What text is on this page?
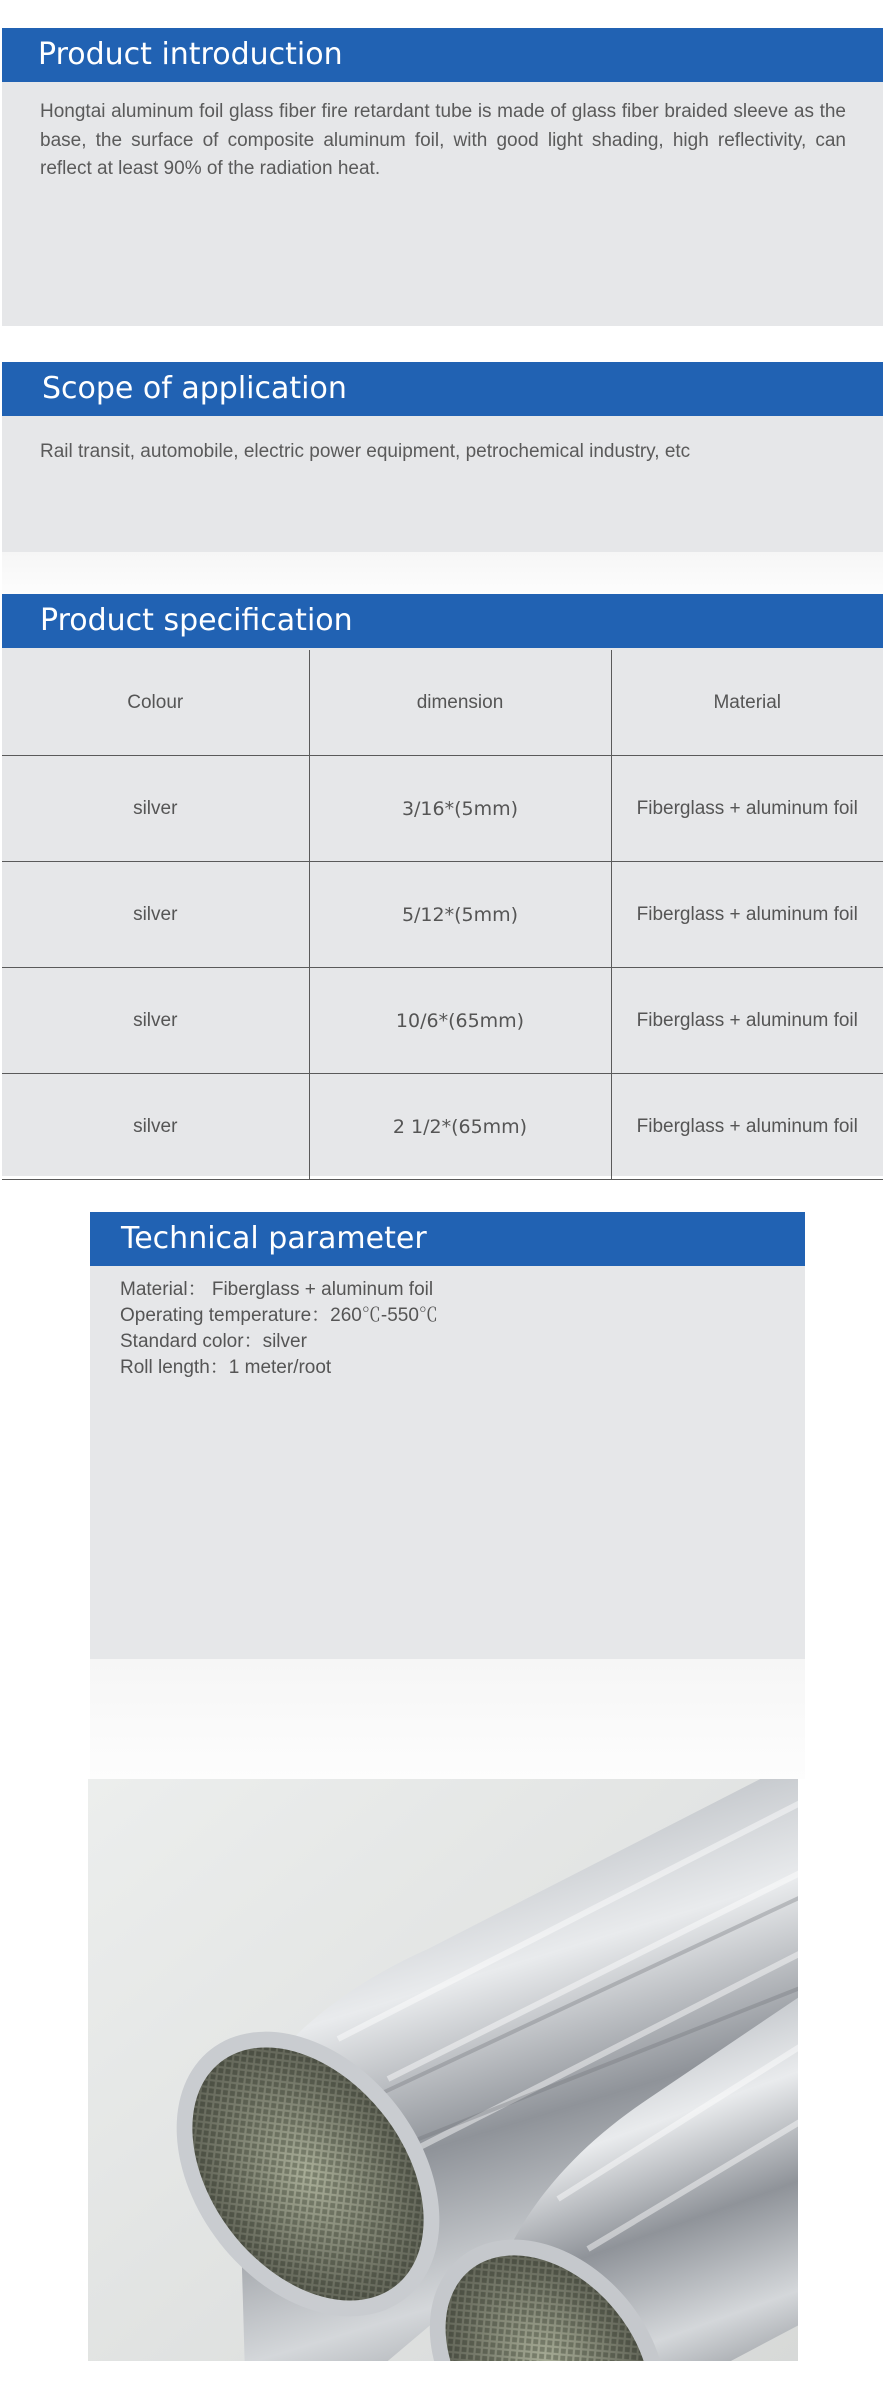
Product introduction
Hongtai aluminum foil glass fiber fire retardant tube is made of glass fiber braided sleeve as the base, the surface of composite aluminum foil, with good light shading, high reflectivity, can reflect at least 90% of the radiation heat.
Scope of application
Rail transit, automobile, electric power equipment, petrochemical industry, etc
Product specification
Colour	dimension	Material
silver	3/16*(5mm)	Fiberglass + aluminum foil
silver	5/12*(5mm)	Fiberglass + aluminum foil
silver	10/6*(65mm)	Fiberglass + aluminum foil
silver	2 1/2*(65mm)	Fiberglass + aluminum foil
Technical parameter
Material： Fiberglass + aluminum foil
Operating temperature：260℃-550℃
Standard color：silver
Roll length：1 meter/root
